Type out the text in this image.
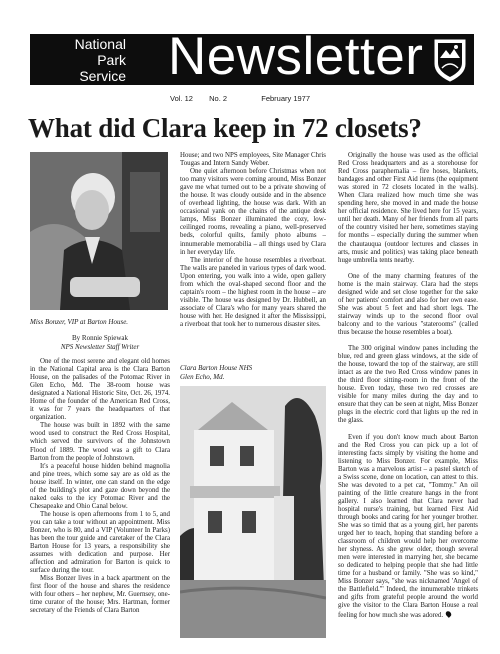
National
Park
Service Newsletter
Vol. 12 No. 2	February 1977
What did Clara keep in 72 closets?
Miss Bonzer, VIP at Barton House.
By Ronnie Spiewak
NPS Newsletter Staff Writer

One of the most serene and elegant old homes in the National Capital area is the Clara Barton House, on the palisades of the Potomac River in Glen Echo, Md. The 38-room house was designated a National Historic Site, Oct. 26, 1974. Home of the founder of the American Red Cross, it was for 7 years the headquarters of that organization.

The house was built in 1892 with the same wood used to construct the Red Cross Hospital, which served the survivors of the Johnstown Flood of 1889. The wood was a gift to Clara Barton from the people of Johnstown.

It's a peaceful house hidden behind magnolia and pine trees, which some say are as old as the house itself. In winter, one can stand on the edge of the building's plot and gaze down beyond the naked oaks to the icy Potomac River and the Chesapeake and Ohio Canal below.

The house is open afternoons from 1 to 5, and you can take a tour without an appointment. Miss Bonzer, who is 80, and a VIP (Volunteer In Parks) has been the tour guide and caretaker of the Clara Barton House for 13 years, a responsibility she assumes with dedication and purpose. Her affection and admiration for Barton is quick to surface during the tour.

Miss Bonzer lives in a back apartment on the first floor of the house and shares the residence with four others – her nephew, Mr. Guernsey, one-time curator of the house; Mrs. Hartman, former secretary of the Friends of Clara Barton

House; and two NPS employees, Site Manager Chris Tougas and Intern Sandy Weber.

One quiet afternoon before Christmas when not too many visitors were coming around, Miss Bonzer gave me what turned out to be a private showing of the house. It was cloudy outside and in the absence of overhead lighting, the house was dark. With an occasional yank on the chains of the antique desk lamps, Miss Bonzer illuminated the cozy, low-ceilinged rooms, revealing a piano, well-preserved beds, colorful quilts, family photo albums – innumerable memorabilia – all things used by Clara in her everyday life.

The interior of the house resembles a riverboat. The walls are paneled in various types of dark wood. Upon entering, you walk into a wide, open gallery from which the oval-shaped second floor and the captain's room – the highest room in the house – are visible. The house was designed by Dr. Hubbell, an associate of Clara's who for many years shared the house with her. He designed it after the Mississippi, a riverboat that took her to numerous disaster sites.

Clara Barton House NHS
Glen Echo, Md.

Originally the house was used as the official Red Cross headquarters and as a storehouse for Red Cross paraphernalia – fire hoses, blankets, bandages and other First Aid items (the equipment was stored in 72 closets located in the walls). When Clara realized how much time she was spending here, she moved in and made the house her official residence. She lived here for 15 years, until her death. Many of her friends from all parts of the country visited her here, sometimes staying for months – especially during the summer when the chautauqua (outdoor lectures and classes in arts, music and politics) was taking place beneath huge umbrella tents nearby.

One of the many charming features of the home is the main stairway. Clara had the steps designed wide and set close together for the sake of her patients' comfort and also for her own ease. She was about 5 feet and had short legs. The stairway winds up to the second floor oval balcony and to the various "staterooms" (called thus because the house resembles a boat).

The 300 original window panes including the blue, red and green glass windows, at the side of the house, toward the top of the stairway, are still intact as are the two Red Cross window panes in the third floor sitting-room in the front of the house. Even today, these two red crosses are visible for many miles during the day and to ensure that they can be seen at night, Miss Bonzer plugs in the electric cord that lights up the red in the glass.

Even if you don't know much about Barton and the Red Cross you can pick up a lot of interesting facts simply by visiting the home and listening to Miss Bonzer. For example, Miss Barton was a marvelous artist – a pastel sketch of a Swiss scene, done on location, can attest to this. She was devoted to a pet cat, "Tommy." An oil painting of the little creature hangs in the front gallery. I also learned that Clara never had hospital nurse's training, but learned First Aid through books and caring for her younger brother. She was so timid that as a young girl, her parents urged her to teach, hoping that standing before a classroom of children would help her overcome her shyness. As she grew older, though several men were interested in marrying her, she became so dedicated to helping people that she had little time for a husband or family. "She was so kind," Miss Bonzer says, "she was nicknamed 'Angel of the Battlefield.'" Indeed, the innumerable trinkets and gifts from grateful people around the world give the visitor to the Clara Barton House a real feeling for how much she was adored.
